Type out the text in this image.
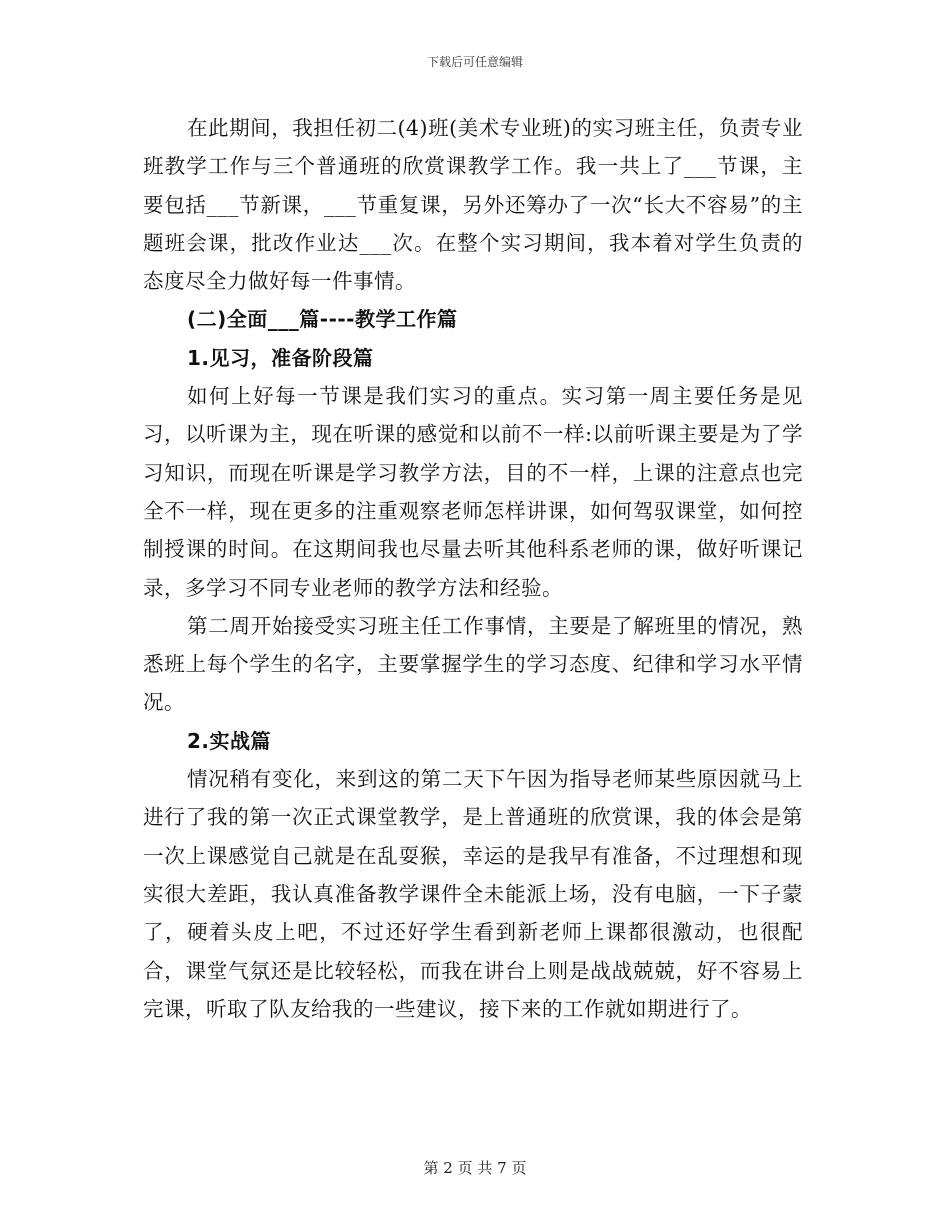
下载后可任意编辑

在此期间，我担任初二(4)班(美术专业班)的实习班主任，负责专业班教学工作与三个普通班的欣赏课教学工作。我一共上了___节课，主要包括___节新课，___节重复课，另外还筹办了一次“长大不容易”的主题班会课，批改作业达___次。在整个实习期间，我本着对学生负责的态度尽全力做好每一件事情。

(二)全面___篇----教学工作篇

1.见习，准备阶段篇

如何上好每一节课是我们实习的重点。实习第一周主要任务是见习，以听课为主，现在听课的感觉和以前不一样:以前听课主要是为了学习知识，而现在听课是学习教学方法，目的不一样，上课的注意点也完全不一样，现在更多的注重观察老师怎样讲课，如何驾驭课堂，如何控制授课的时间。在这期间我也尽量去听其他科系老师的课，做好听课记录，多学习不同专业老师的教学方法和经验。

第二周开始接受实习班主任工作事情，主要是了解班里的情况，熟悉班上每个学生的名字，主要掌握学生的学习态度、纪律和学习水平情况。

2.实战篇

情况稍有变化，来到这的第二天下午因为指导老师某些原因就马上进行了我的第一次正式课堂教学，是上普通班的欣赏课，我的体会是第一次上课感觉自己就是在乱耍猴，幸运的是我早有准备，不过理想和现实很大差距，我认真准备教学课件全未能派上场，没有电脑，一下子蒙了，硬着头皮上吧，不过还好学生看到新老师上课都很激动，也很配合，课堂气氛还是比较轻松，而我在讲台上则是战战兢兢，好不容易上完课，听取了队友给我的一些建议，接下来的工作就如期进行了。

第 2 页 共 7 页
